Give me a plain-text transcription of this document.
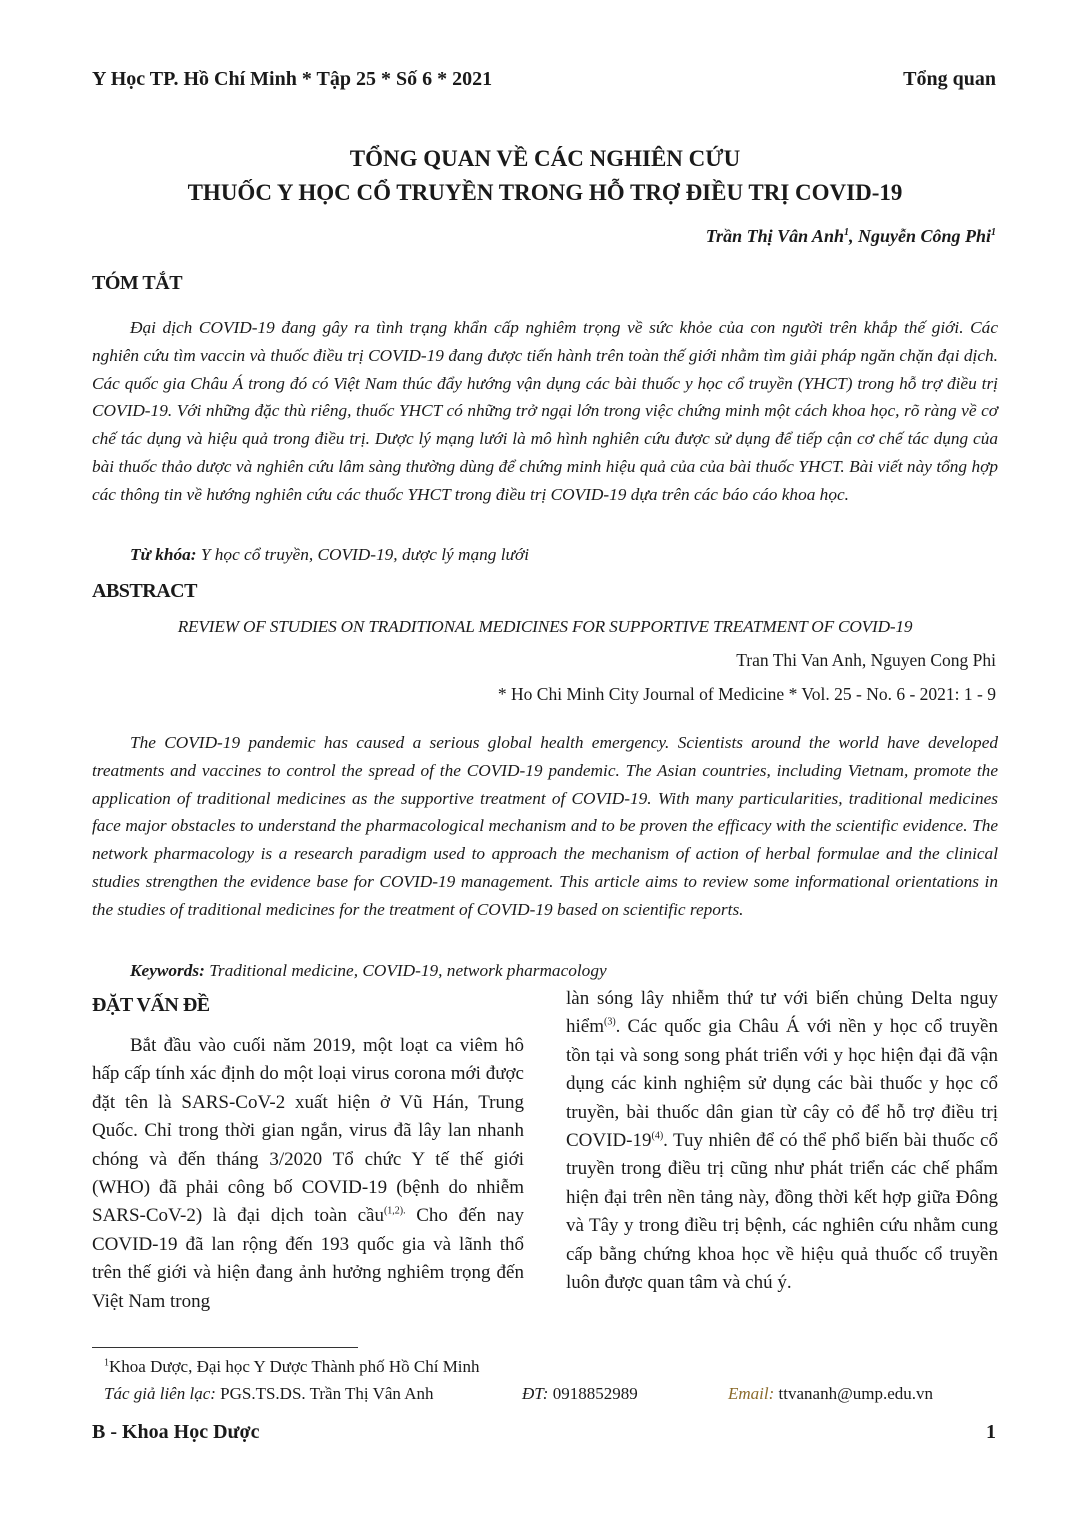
Y Học TP. Hồ Chí Minh * Tập 25 * Số 6 * 2021	Tổng quan
TỔNG QUAN VỀ CÁC NGHIÊN CỨU
THUỐC Y HỌC CỔ TRUYỀN TRONG HỖ TRỢ ĐIỀU TRỊ COVID-19
Trần Thị Vân Anh$^1$, Nguyễn Công Phi$^1$
TÓM TẮT

Đại dịch COVID-19 đang gây ra tình trạng khẩn cấp nghiêm trọng về sức khỏe của con người trên khắp thế giới. Các nghiên cứu tìm vaccin và thuốc điều trị COVID-19 đang được tiến hành trên toàn thế giới nhằm tìm giải pháp ngăn chặn đại dịch. Các quốc gia Châu Á trong đó có Việt Nam thúc đẩy hướng vận dụng các bài thuốc y học cổ truyền (YHCT) trong hỗ trợ điều trị COVID-19. Với những đặc thù riêng, thuốc YHCT có những trở ngại lớn trong việc chứng minh một cách khoa học, rõ ràng về cơ chế tác dụng và hiệu quả trong điều trị. Dược lý mạng lưới là mô hình nghiên cứu được sử dụng để tiếp cận cơ chế tác dụng của bài thuốc thảo dược và nghiên cứu lâm sàng thường dùng để chứng minh hiệu quả của của bài thuốc YHCT. Bài viết này tổng hợp các thông tin về hướng nghiên cứu các thuốc YHCT trong điều trị COVID-19 dựa trên các báo cáo khoa học.

Từ khóa: Y học cổ truyền, COVID-19, dược lý mạng lưới
ABSTRACT
REVIEW OF STUDIES ON TRADITIONAL MEDICINES FOR SUPPORTIVE TREATMENT OF COVID-19
Tran Thi Van Anh, Nguyen Cong Phi
* Ho Chi Minh City Journal of Medicine * Vol. 25 - No. 6 - 2021: 1 - 9

The COVID-19 pandemic has caused a serious global health emergency. Scientists around the world have developed treatments and vaccines to control the spread of the COVID-19 pandemic. The Asian countries, including Vietnam, promote the application of traditional medicines as the supportive treatment of COVID-19. With many particularities, traditional medicines face major obstacles to understand the pharmacological mechanism and to be proven the efficacy with the scientific evidence. The network pharmacology is a research paradigm used to approach the mechanism of action of herbal formulae and the clinical studies strengthen the evidence base for COVID-19 management. This article aims to review some informational orientations in the studies of traditional medicines for the treatment of COVID-19 based on scientific reports.

Keywords: Traditional medicine, COVID-19, network pharmacology
ĐẶT VẤN ĐỀ

Bắt đầu vào cuối năm 2019, một loạt ca viêm hô hấp cấp tính xác định do một loại virus corona mới được đặt tên là SARS-CoV-2 xuất hiện ở Vũ Hán, Trung Quốc. Chỉ trong thời gian ngắn, virus đã lây lan nhanh chóng và đến tháng 3/2020 Tổ chức Y tế thế giới (WHO) đã phải công bố COVID-19 (bệnh do nhiễm SARS-CoV-2) là đại dịch toàn cầu$^{(1,2).}$ Cho đến nay COVID-19 đã lan rộng đến 193 quốc gia và lãnh thổ trên thế giới và hiện đang ảnh hưởng nghiêm trọng đến Việt Nam trong

làn sóng lây nhiễm thứ tư với biến chủng Delta nguy hiểm$^{(3)}$. Các quốc gia Châu Á với nền y học cổ truyền tồn tại và song song phát triển với y học hiện đại đã vận dụng các kinh nghiệm sử dụng các bài thuốc y học cổ truyền, bài thuốc dân gian từ cây cỏ để hỗ trợ điều trị COVID-19$^{(4)}$. Tuy nhiên để có thể phổ biến bài thuốc cổ truyền trong điều trị cũng như phát triển các chế phẩm hiện đại trên nền tảng này, đồng thời kết hợp giữa Đông và Tây y trong điều trị bệnh, các nghiên cứu nhằm cung cấp bằng chứng khoa học về hiệu quả thuốc cổ truyền luôn được quan tâm và chú ý.

$^1$Khoa Dược, Đại học Y Dược Thành phố Hồ Chí Minh
Tác giả liên lạc: PGS.TS.DS. Trần Thị Vân Anh	ĐT: 0918852989	Email: ttvananh@ump.edu.vn
B - Khoa Học Dược	1
